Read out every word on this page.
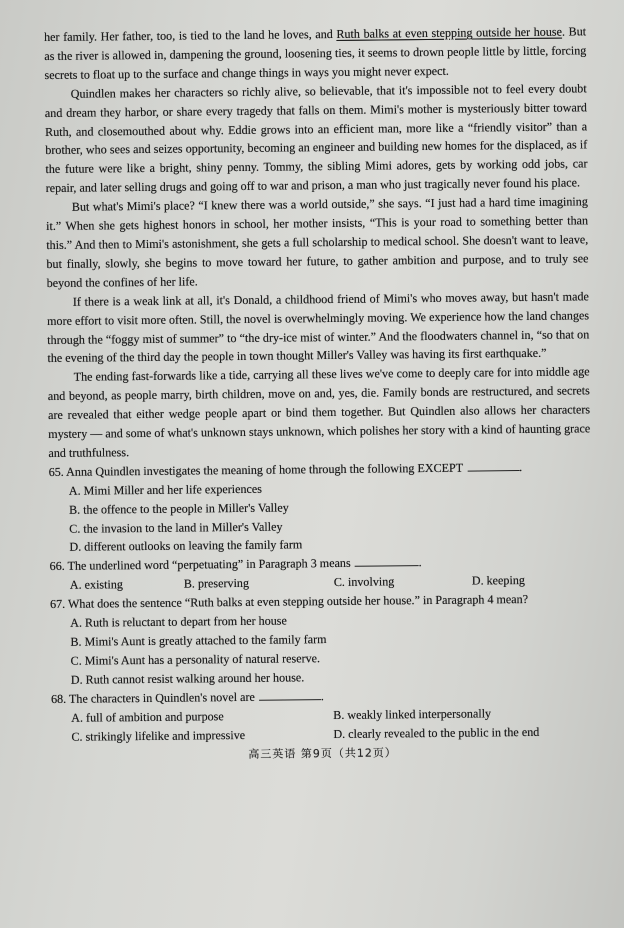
her family. Her father, too, is tied to the land he loves, and Ruth balks at even stepping outside her house. But as the river is allowed in, dampening the ground, loosening ties, it seems to drown people little by little, forcing secrets to float up to the surface and change things in ways you might never expect.

Quindlen makes her characters so richly alive, so believable, that it's impossible not to feel every doubt and dream they harbor, or share every tragedy that falls on them. Mimi's mother is mysteriously bitter toward Ruth, and closemouthed about why. Eddie grows into an efficient man, more like a “friendly visitor” than a brother, who sees and seizes opportunity, becoming an engineer and building new homes for the displaced, as if the future were like a bright, shiny penny. Tommy, the sibling Mimi adores, gets by working odd jobs, car repair, and later selling drugs and going off to war and prison, a man who just tragically never found his place.

But what's Mimi's place? “I knew there was a world outside,” she says. “I just had a hard time imagining it.” When she gets highest honors in school, her mother insists, “This is your road to something better than this.” And then to Mimi's astonishment, she gets a full scholarship to medical school. She doesn't want to leave, but finally, slowly, she begins to move toward her future, to gather ambition and purpose, and to truly see beyond the confines of her life.

If there is a weak link at all, it's Donald, a childhood friend of Mimi's who moves away, but hasn't made more effort to visit more often. Still, the novel is overwhelmingly moving. We experience how the land changes through the “foggy mist of summer” to “the dry-ice mist of winter.” And the floodwaters channel in, “so that on the evening of the third day the people in town thought Miller's Valley was having its first earthquake.”

The ending fast-forwards like a tide, carrying all these lives we've come to deeply care for into middle age and beyond, as people marry, birth children, move on and, yes, die. Family bonds are restructured, and secrets are revealed that either wedge people apart or bind them together. But Quindlen also allows her characters mystery — and some of what's unknown stays unknown, which polishes her story with a kind of haunting grace and truthfulness.

65. Anna Quindlen investigates the meaning of home through the following EXCEPT	.

A. Mimi Miller and her life experiences

B. the offence to the people in Miller's Valley

C. the invasion to the land in Miller's Valley

D. different outlooks on leaving the family farm

66. The underlined word “perpetuating” in Paragraph 3 means	.

A. existing	B. preserving	C. involving	D. keeping

67. What does the sentence “Ruth balks at even stepping outside her house.” in Paragraph 4 mean?

A. Ruth is reluctant to depart from her house

B. Mimi's Aunt is greatly attached to the family farm

C. Mimi's Aunt has a personality of natural reserve.

D. Ruth cannot resist walking around her house.

68. The characters in Quindlen's novel are	.

A. full of ambition and purpose	B. weakly linked interpersonally
C. strikingly lifelike and impressive	D. clearly revealed to the public in the end
高三英语 第9页（共12页）
